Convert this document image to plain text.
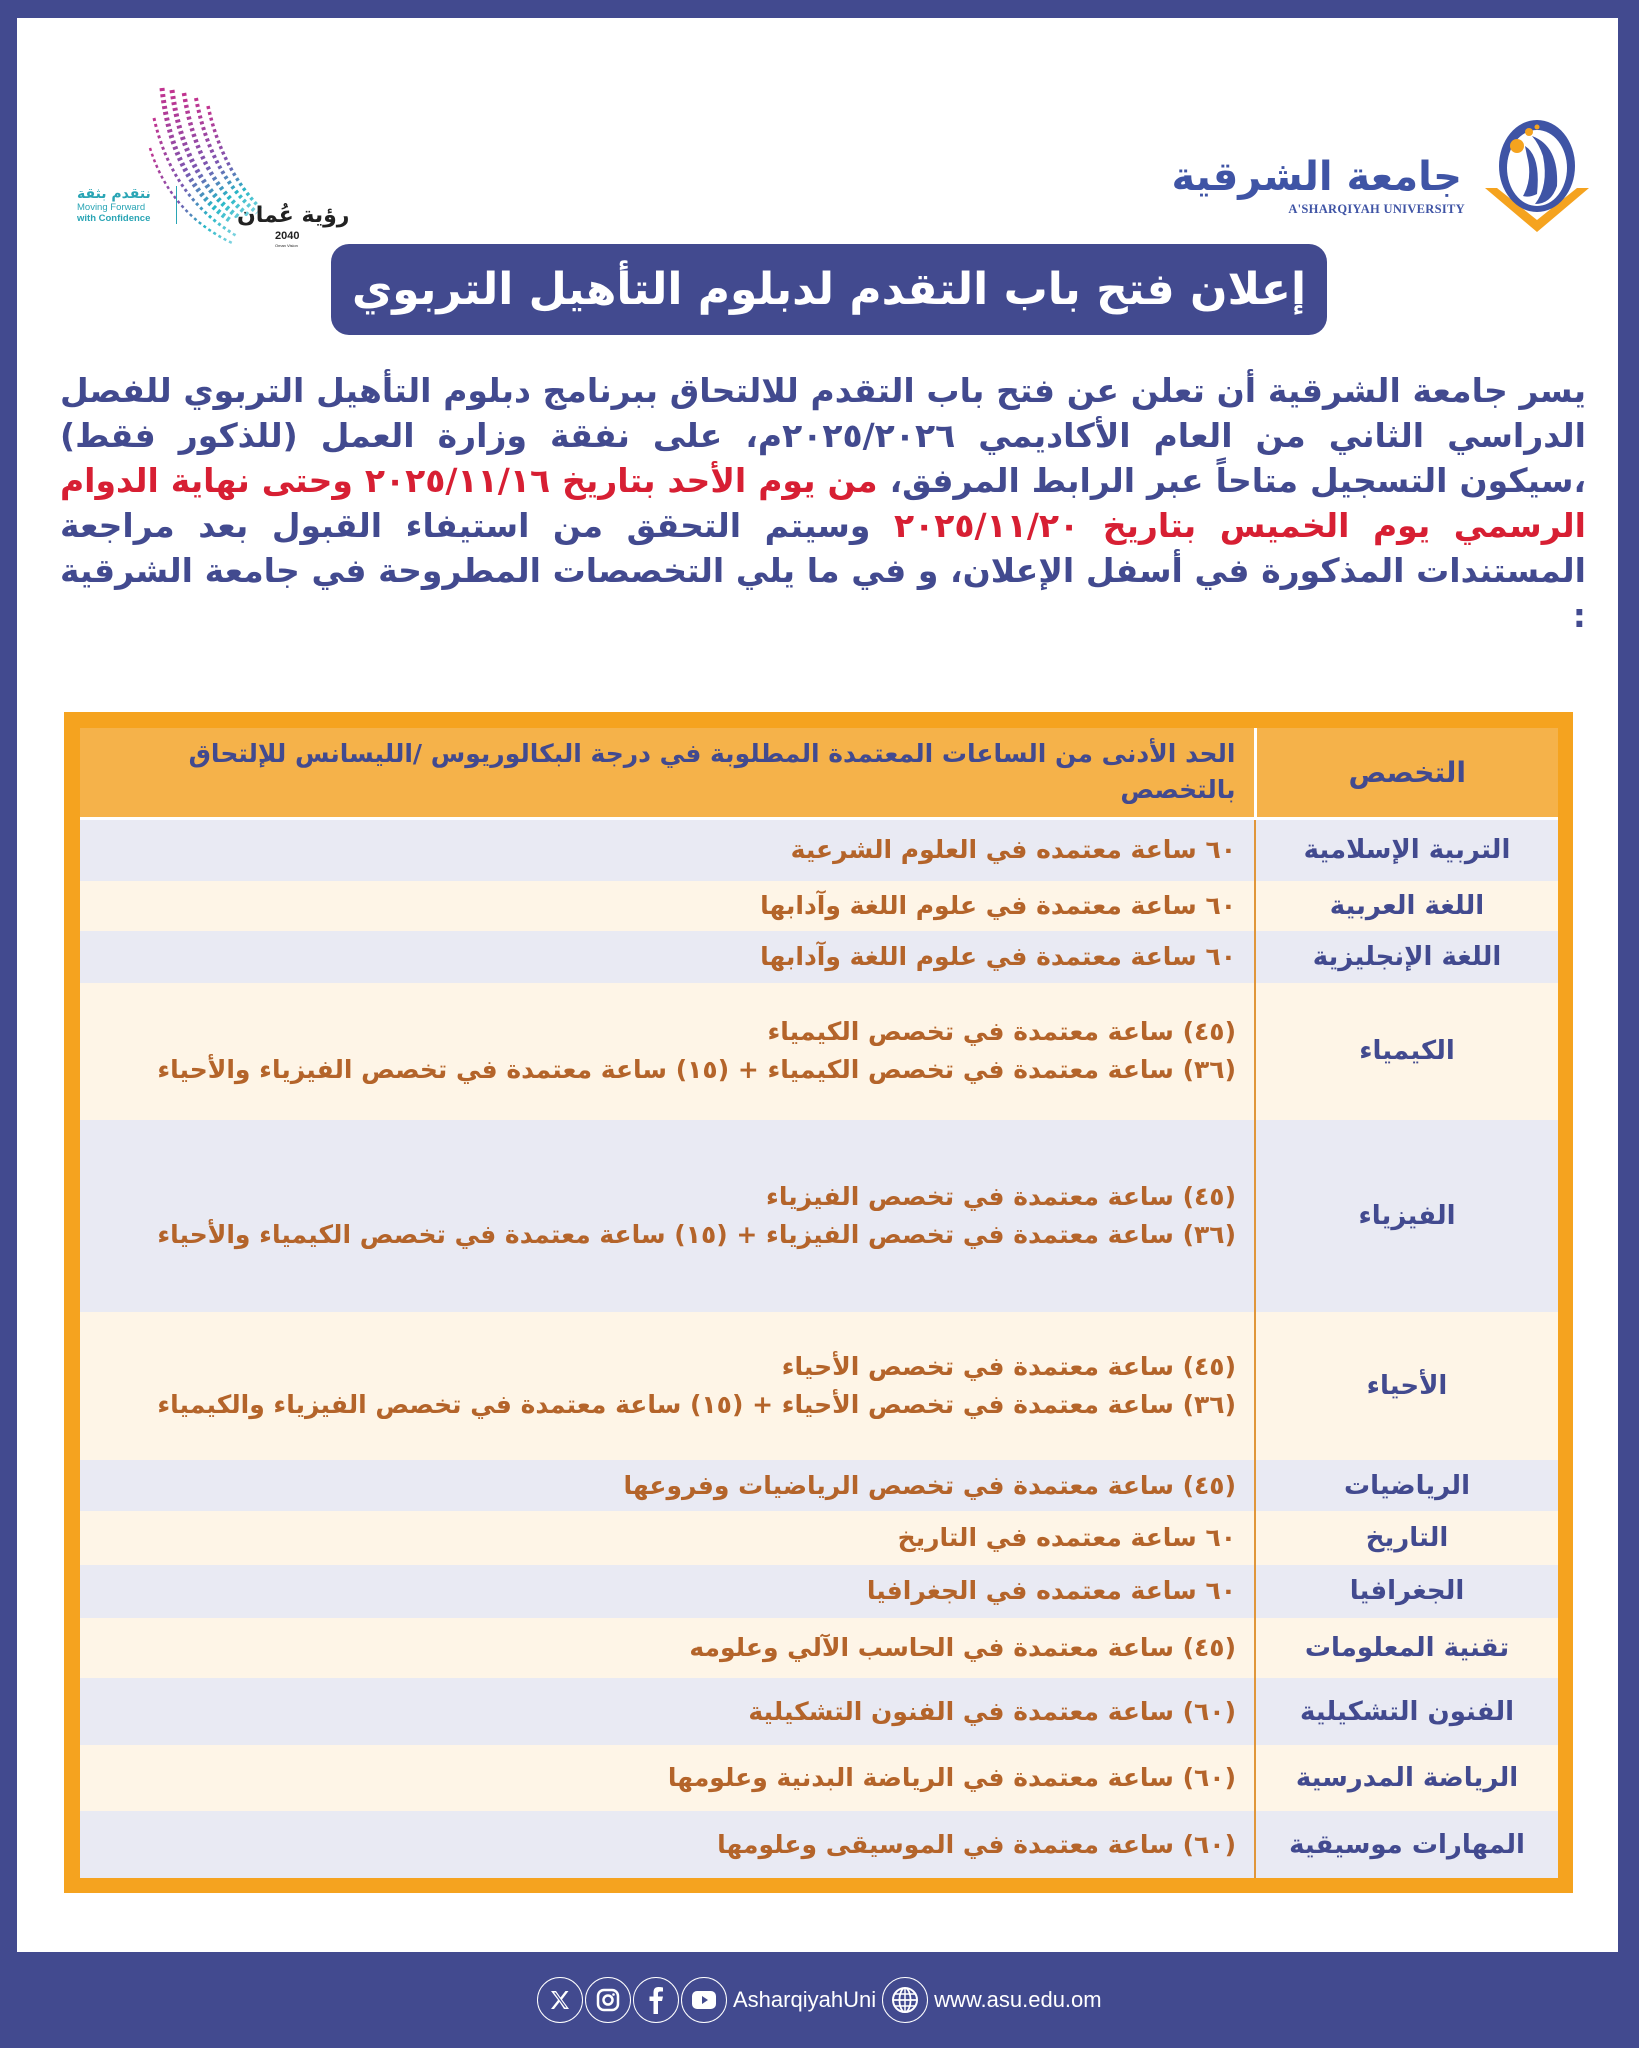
جامعة الشرقية
A'SHARQIYAH UNIVERSITY
نتقدم بثقة
Moving Forward
with Confidence	رؤية عُمان
2040
Oman Vision
إعلان فتح باب التقدم لدبلوم التأهيل التربوي

يسر جامعة الشرقية أن تعلن عن فتح باب التقدم للالتحاق ببرنامج دبلوم التأهيل التربوي للفصل الدراسي الثاني من العام الأكاديمي ٢٠٢٥/٢٠٢٦م، على نفقة وزارة العمل (للذكور فقط) ،سيكون التسجيل متاحاً عبر الرابط المرفق، من يوم الأحد بتاريخ ٢٠٢٥/١١/١٦ وحتى نهاية الدوام الرسمي يوم الخميس بتاريخ ٢٠٢٥/١١/٢٠ وسيتم التحقق من استيفاء القبول بعد مراجعة المستندات المذكورة في أسفل الإعلان، و في ما يلي التخصصات المطروحة في جامعة الشرقية :

التخصص	الحد الأدنى من الساعات المعتمدة المطلوبة في درجة البكالوريوس /الليسانس للإلتحاق بالتخصص
التربية الإسلامية	٦٠ ساعة معتمده في العلوم الشرعية

اللغة العربية	٦٠ ساعة معتمدة في علوم اللغة وآدابها

اللغة الإنجليزية	٦٠ ساعة معتمدة في علوم اللغة وآدابها

الكيمياء	(٤٥) ساعة معتمدة في تخصص الكيمياء
(٣٦) ساعة معتمدة في تخصص الكيمياء + (١٥) ساعة معتمدة في تخصص الفيزياء والأحياء

الفيزياء	(٤٥) ساعة معتمدة في تخصص الفيزياء
(٣٦) ساعة معتمدة في تخصص الفيزياء + (١٥) ساعة معتمدة في تخصص الكيمياء والأحياء

الأحياء	(٤٥) ساعة معتمدة في تخصص الأحياء
(٣٦) ساعة معتمدة في تخصص الأحياء + (١٥) ساعة معتمدة في تخصص الفيزياء والكيمياء

الرياضيات	(٤٥) ساعة معتمدة في تخصص الرياضيات وفروعها

التاريخ	٦٠ ساعة معتمده في التاريخ

الجغرافيا	٦٠ ساعة معتمده في الجغرافيا

تقنية المعلومات	(٤٥) ساعة معتمدة في الحاسب الآلي وعلومه

الفنون التشكيلية	(٦٠) ساعة معتمدة في الفنون التشكيلية

الرياضة المدرسية	(٦٠) ساعة معتمدة في الرياضة البدنية وعلومها

المهارات موسيقية	(٦٠) ساعة معتمدة في الموسيقى وعلومها
AsharqiyahUni	www.asu.edu.om
